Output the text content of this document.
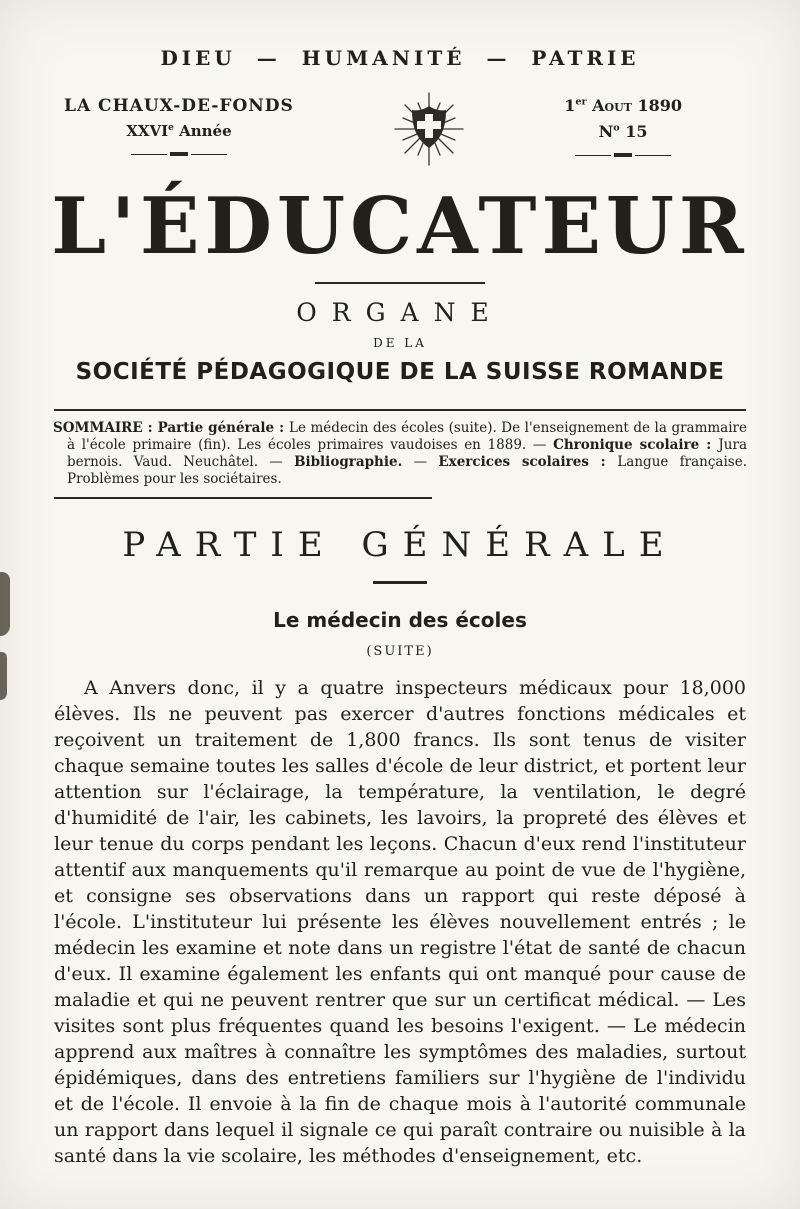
DIEU — HUMANITÉ — PATRIE
LA CHAUX-DE-FONDS
XXVIe Année
1er Aout 1890
$N^o$ 15
L'ÉDUCATEUR
ORGANE
DE LA
SOCIÉTÉ PÉDAGOGIQUE DE LA SUISSE ROMANDE

SOMMAIRE : Partie générale : Le médecin des écoles (suite). De l'enseignement de la grammaire à l'école primaire (fin). Les écoles primaires vaudoises en 1889. — Chronique scolaire : Jura bernois. Vaud. Neuchâtel. — Bibliographie. — Exercices scolaires : Langue française. Problèmes pour les sociétaires.

PARTIE GÉNÉRALE
Le médecin des écoles
(SUITE)

A Anvers donc, il y a quatre inspecteurs médicaux pour 18,000 élèves. Ils ne peuvent pas exercer d'autres fonctions médicales et reçoivent un traitement de 1,800 francs. Ils sont tenus de visiter chaque semaine toutes les salles d'école de leur district, et portent leur attention sur l'éclairage, la température, la ventilation, le degré d'humidité de l'air, les cabinets, les lavoirs, la propreté des élèves et leur tenue du corps pendant les leçons. Chacun d'eux rend l'instituteur attentif aux manquements qu'il remarque au point de vue de l'hygiène, et consigne ses observations dans un rapport qui reste déposé à l'école. L'instituteur lui présente les élèves nouvellement entrés ; le médecin les examine et note dans un registre l'état de santé de chacun d'eux. Il examine également les enfants qui ont manqué pour cause de maladie et qui ne peuvent rentrer que sur un certificat médical. — Les visites sont plus fréquentes quand les besoins l'exigent. — Le médecin apprend aux maîtres à connaître les symptômes des maladies, surtout épidémiques, dans des entretiens familiers sur l'hygiène de l'individu et de l'école. Il envoie à la fin de chaque mois à l'autorité communale un rapport dans lequel il signale ce qui paraît contraire ou nuisible à la santé dans la vie scolaire, les méthodes d'enseignement, etc.
